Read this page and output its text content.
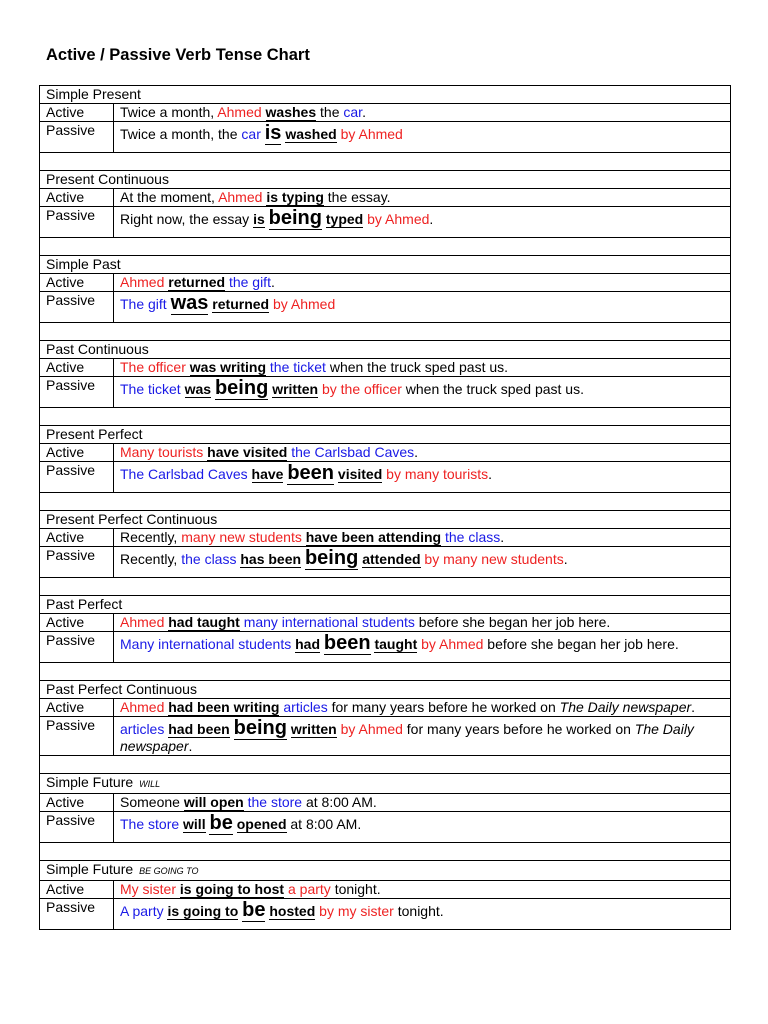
Active / Passive Verb Tense Chart
Simple Present	
Active	Twice a month, Ahmed washes the car.
Passive	Twice a month, the car is washed by Ahmed

Present Continuous	
Active	At the moment, Ahmed is typing the essay.
Passive	Right now, the essay is being typed by Ahmed.

Simple Past	
Active	Ahmed returned the gift.
Passive	The gift was returned by Ahmed

Past Continuous	
Active	The officer was writing the ticket when the truck sped past us.
Passive	The ticket was being written by the officer when the truck sped past us.

Present Perfect	
Active	Many tourists have visited the Carlsbad Caves.
Passive	The Carlsbad Caves have been visited by many tourists.

Present Perfect Continuous	
Active	Recently, many new students have been attending the class.
Passive	Recently, the class has been being attended by many new students.

Past Perfect	
Active	Ahmed had taught many international students before she began her job here.
Passive	Many international students had been taught by Ahmed before she began her job here.

Past Perfect Continuous	
Active	Ahmed had been writing articles for many years before he worked on The Daily newspaper.
Passive	articles had been being written by Ahmed for many years before he worked on The Daily newspaper.

Simple Future WILL	
Active	Someone will open the store at 8:00 AM.
Passive	The store will be opened at 8:00 AM.

Simple Future BE GOING TO	
Active	My sister is going to host a party tonight.
Passive	A party is going to be hosted by my sister tonight.
